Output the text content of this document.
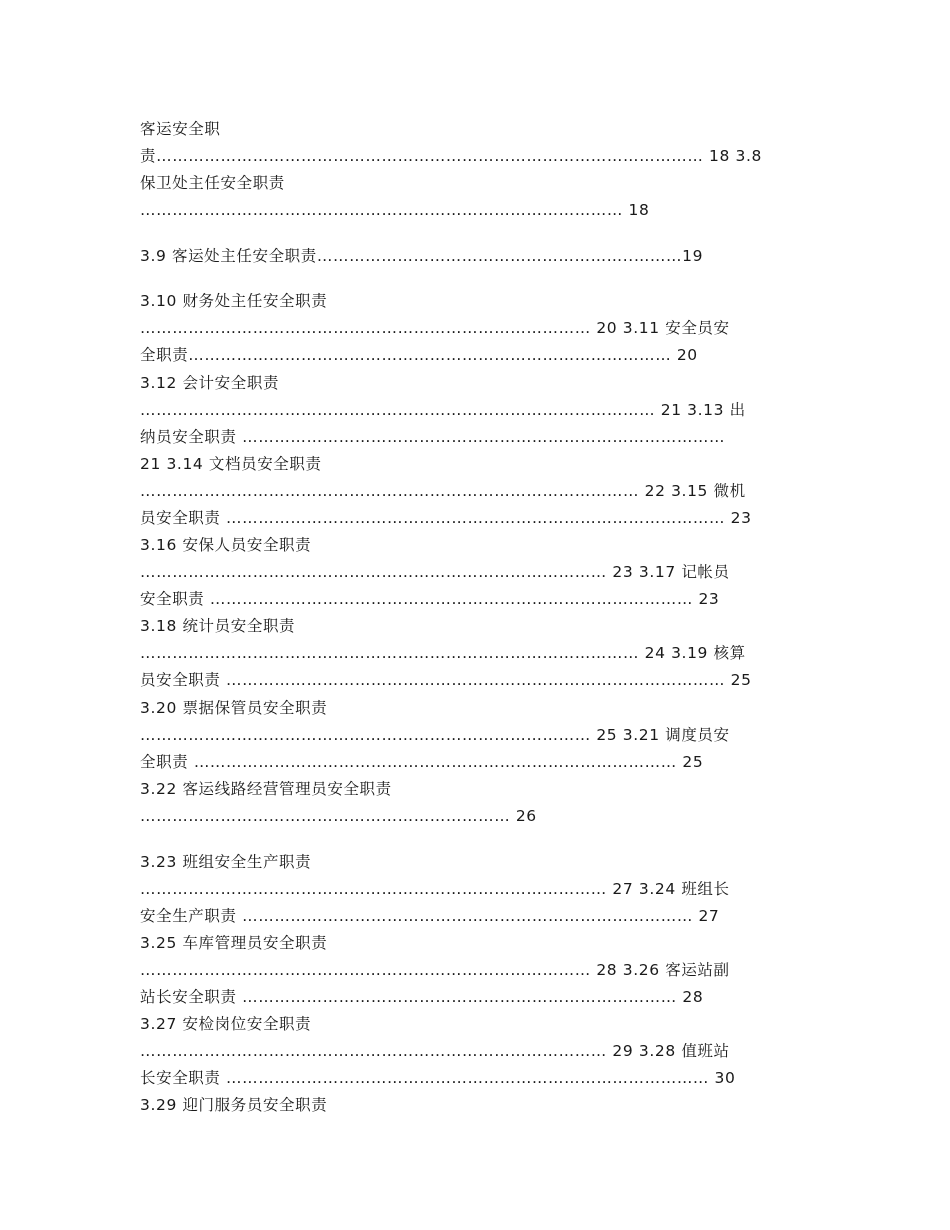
客运安全职
责………………………………………………………………………………………… 18 3.8
保卫处主任安全职责
……………………………………………………………………………… 18
3.9 客运处主任安全职责…………………………………………………..………19
3.10 财务处主任安全职责
………………………………………………………………………… 20 3.11 安全员安
全职责……………………………………………………………………………… 20
3.12 会计安全职责
…………………………………………………………………………………… 21 3.13 出
纳员安全职责 ………………………………………………………………………………
21 3.14 文档员安全职责
………………………………………………………………………………… 22 3.15 微机
员安全职责 ………………………………………………………………………………… 23
3.16 安保人员安全职责
…………………………………………………………………………… 23 3.17 记帐员
安全职责 ……………………………………………………………………………… 23
3.18 统计员安全职责
………………………………………………………………………………… 24 3.19 核算
员安全职责 ………………………………………………………………………………… 25
3.20 票据保管员安全职责
………………………………………………………………………… 25 3.21 调度员安
全职责 ……………………………………………………………………………… 25
3.22 客运线路经营管理员安全职责
…………………………………………………………… 26
3.23 班组安全生产职责
…………………………………………………………………………… 27 3.24 班组长
安全生产职责 ………………………………………………………………………… 27
3.25 车库管理员安全职责
………………………………………………………………………… 28 3.26 客运站副
站长安全职责 ……………………………………………………………………… 28
3.27 安检岗位安全职责
…………………………………………………………………………… 29 3.28 值班站
长安全职责 ……………………………………………………………………………… 30
3.29 迎门服务员安全职责
